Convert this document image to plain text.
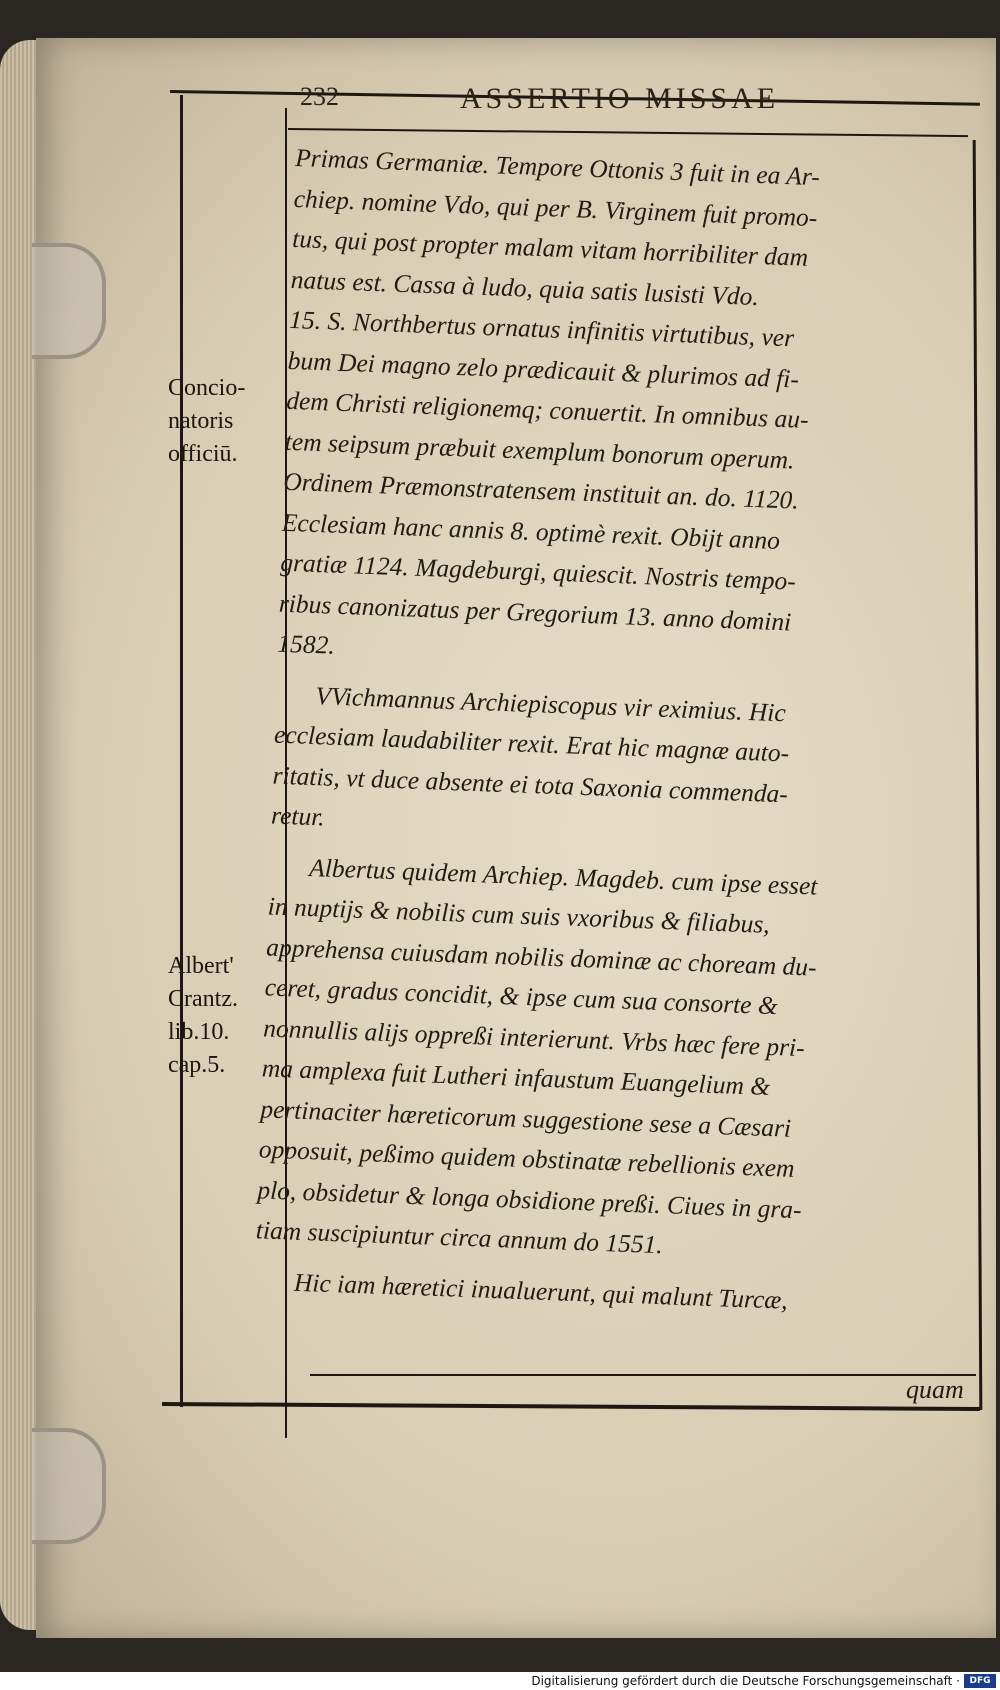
232	ASSERTIO MISSAE
Concio-
natoris
officiū.
Albert'
Crantz.
lib.10.
cap.5.
Primas Germaniæ. Tempore Ottonis 3 fuit in ea Ar-
chiep. nomine Vdo, qui per B. Virginem fuit promo-
tus, qui post propter malam vitam horribiliter dam
natus est. Cassa à ludo, quia satis lusisti Vdo.
15. S. Northbertus ornatus infinitis virtutibus, ver
bum Dei magno zelo prædicauit & plurimos ad fi-
dem Christi religionemq; conuertit. In omnibus au-
tem seipsum præbuit exemplum bonorum operum.
Ordinem Præmonstratensem instituit an. do. 1120.
Ecclesiam hanc annis 8. optimè rexit. Obijt anno
gratiæ 1124. Magdeburgi, quiescit. Nostris tempo-
ribus canonizatus per Gregorium 13. anno domini
1582.
VVichmannus Archiepiscopus vir eximius. Hic
ecclesiam laudabiliter rexit. Erat hic magnæ auto-
ritatis, vt duce absente ei tota Saxonia commenda-
retur.
Albertus quidem Archiep. Magdeb. cum ipse esset
in nuptijs & nobilis cum suis vxoribus & filiabus,
apprehensa cuiusdam nobilis dominæ ac choream du-
ceret, gradus concidit, & ipse cum sua consorte &
nonnullis alijs oppreßi interierunt. Vrbs hæc fere pri-
ma amplexa fuit Lutheri infaustum Euangelium &
pertinaciter hæreticorum suggestione sese a Cæsari
opposuit, peßimo quidem obstinatæ rebellionis exem
plo, obsidetur & longa obsidione preßi. Ciues in gra-
tiam suscipiuntur circa annum do 1551.
Hic iam hæretici inualuerunt, qui malunt Turcæ,
quam
Digitalisierung gefördert durch die Deutsche Forschungsgemeinschaft ·	DFG
